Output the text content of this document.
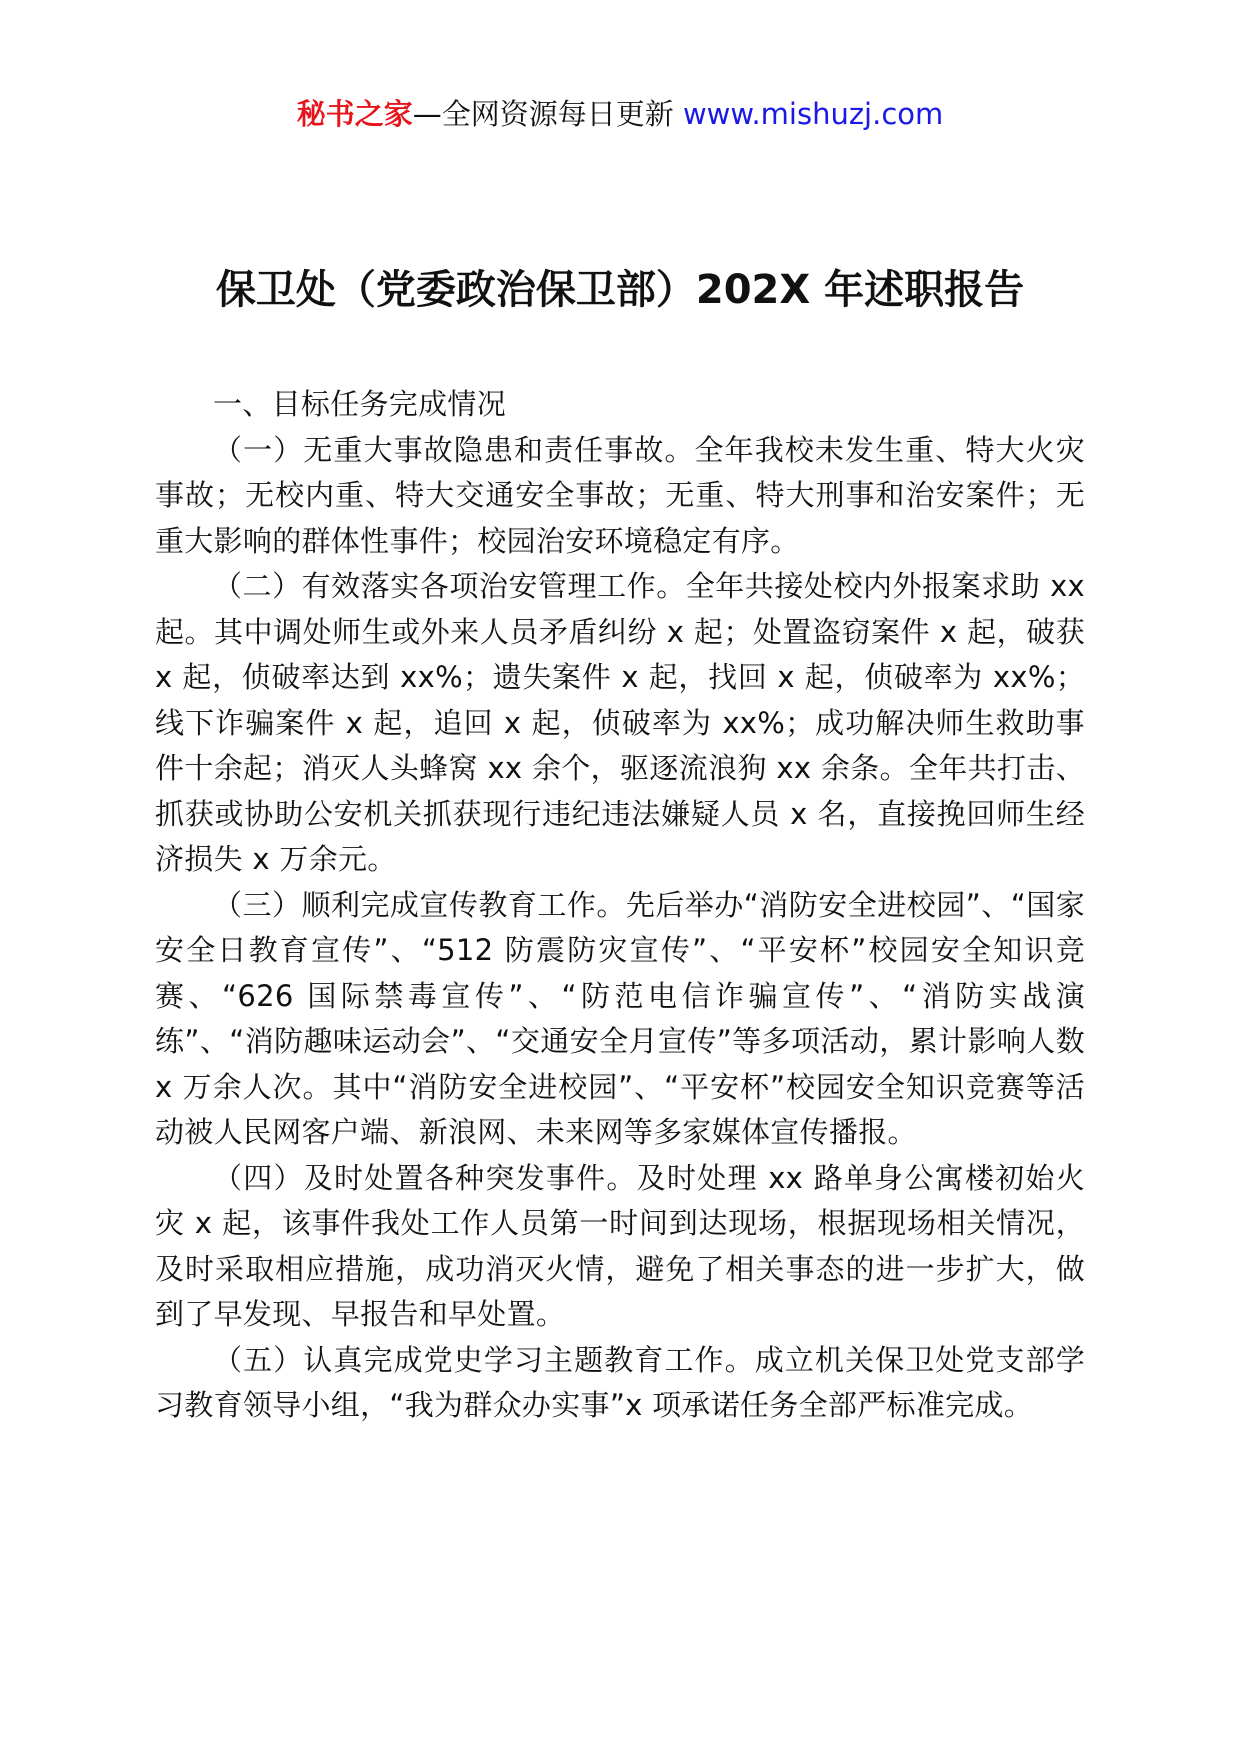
秘书之家—全网资源每日更新 www.mishuzj.com
保卫处（党委政治保卫部）202X 年述职报告

一、目标任务完成情况

（一）无重大事故隐患和责任事故。全年我校未发生重、特大火灾事故；无校内重、特大交通安全事故；无重、特大刑事和治安案件；无重大影响的群体性事件；校园治安环境稳定有序。

（二）有效落实各项治安管理工作。全年共接处校内外报案求助 xx 起。其中调处师生或外来人员矛盾纠纷 x 起；处置盗窃案件 x 起，破获 x 起，侦破率达到 xx%；遗失案件 x 起，找回 x 起，侦破率为 xx%；线下诈骗案件 x 起，追回 x 起，侦破率为 xx%；成功解决师生救助事件十余起；消灭人头蜂窝 xx 余个，驱逐流浪狗 xx 余条。全年共打击、抓获或协助公安机关抓获现行违纪违法嫌疑人员 x 名，直接挽回师生经济损失 x 万余元。

（三）顺利完成宣传教育工作。先后举办“消防安全进校园”、“国家安全日教育宣传”、“512 防震防灾宣传”、“平安杯”校园安全知识竞赛、“626 国际禁毒宣传”、“防范电信诈骗宣传”、“消防实战演练”、“消防趣味运动会”、“交通安全月宣传”等多项活动，累计影响人数 x 万余人次。其中“消防安全进校园”、“平安杯”校园安全知识竞赛等活动被人民网客户端、新浪网、未来网等多家媒体宣传播报。

（四）及时处置各种突发事件。及时处理 xx 路单身公寓楼初始火灾 x 起，该事件我处工作人员第一时间到达现场，根据现场相关情况，及时采取相应措施，成功消灭火情，避免了相关事态的进一步扩大，做到了早发现、早报告和早处置。

（五）认真完成党史学习主题教育工作。成立机关保卫处党支部学习教育领导小组，“我为群众办实事”x 项承诺任务全部严标准完成。
